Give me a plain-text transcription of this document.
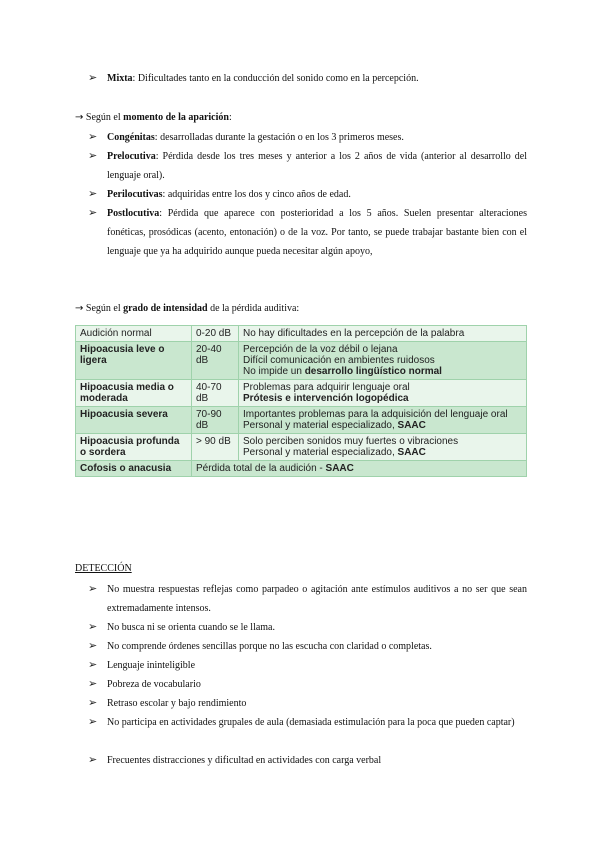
➢ Mixta: Dificultades tanto en la conducción del sonido como en la percepción.
→ Según el momento de la aparición:
➢ Congénitas: desarrolladas durante la gestación o en los 3 primeros meses.
➢ Prelocutiva: Pérdida desde los tres meses y anterior a los 2 años de vida (anterior al desarrollo del lenguaje oral).
➢ Perilocutivas: adquiridas entre los dos y cinco años de edad.
➢ Postlocutiva: Pérdida que aparece con posterioridad a los 5 años. Suelen presentar alteraciones fonéticas, prosódicas (acento, entonación) o de la voz. Por tanto, se puede trabajar bastante bien con el lenguaje que ya ha adquirido aunque pueda necesitar algún apoyo,
→ Según el grado de intensidad de la pérdida auditiva:
Audición normal	0-20 dB	No hay dificultades en la percepción de la palabra
Hipoacusia leve o ligera	20-40 dB	Percepción de la voz débil o lejana
Difícil comunicación en ambientes ruidosos
No impide un desarrollo lingüístico normal

Hipoacusia media o moderada	40-70 dB	Problemas para adquirir lenguaje oral
Prótesis e intervención logopédica

Hipoacusia severa	70-90 dB	Importantes problemas para la adquisición del lenguaje oral
Personal y material especializado, SAAC

Hipoacusia profunda o sordera	> 90 dB	Solo perciben sonidos muy fuertes o vibraciones
Personal y material especializado, SAAC

Cofosis o anacusia	Pérdida total de la audición - SAAC	
DETECCIÓN
➢ No muestra respuestas reflejas como parpadeo o agitación ante estímulos auditivos a no ser que sean extremadamente intensos.
➢ No busca ni se orienta cuando se le llama.
➢ No comprende órdenes sencillas porque no las escucha con claridad o completas.
➢ Lenguaje ininteligible
➢ Pobreza de vocabulario
➢ Retraso escolar y bajo rendimiento
➢ No participa en actividades grupales de aula (demasiada estimulación para la poca que pueden captar)
➢ Frecuentes distracciones y dificultad en actividades con carga verbal
